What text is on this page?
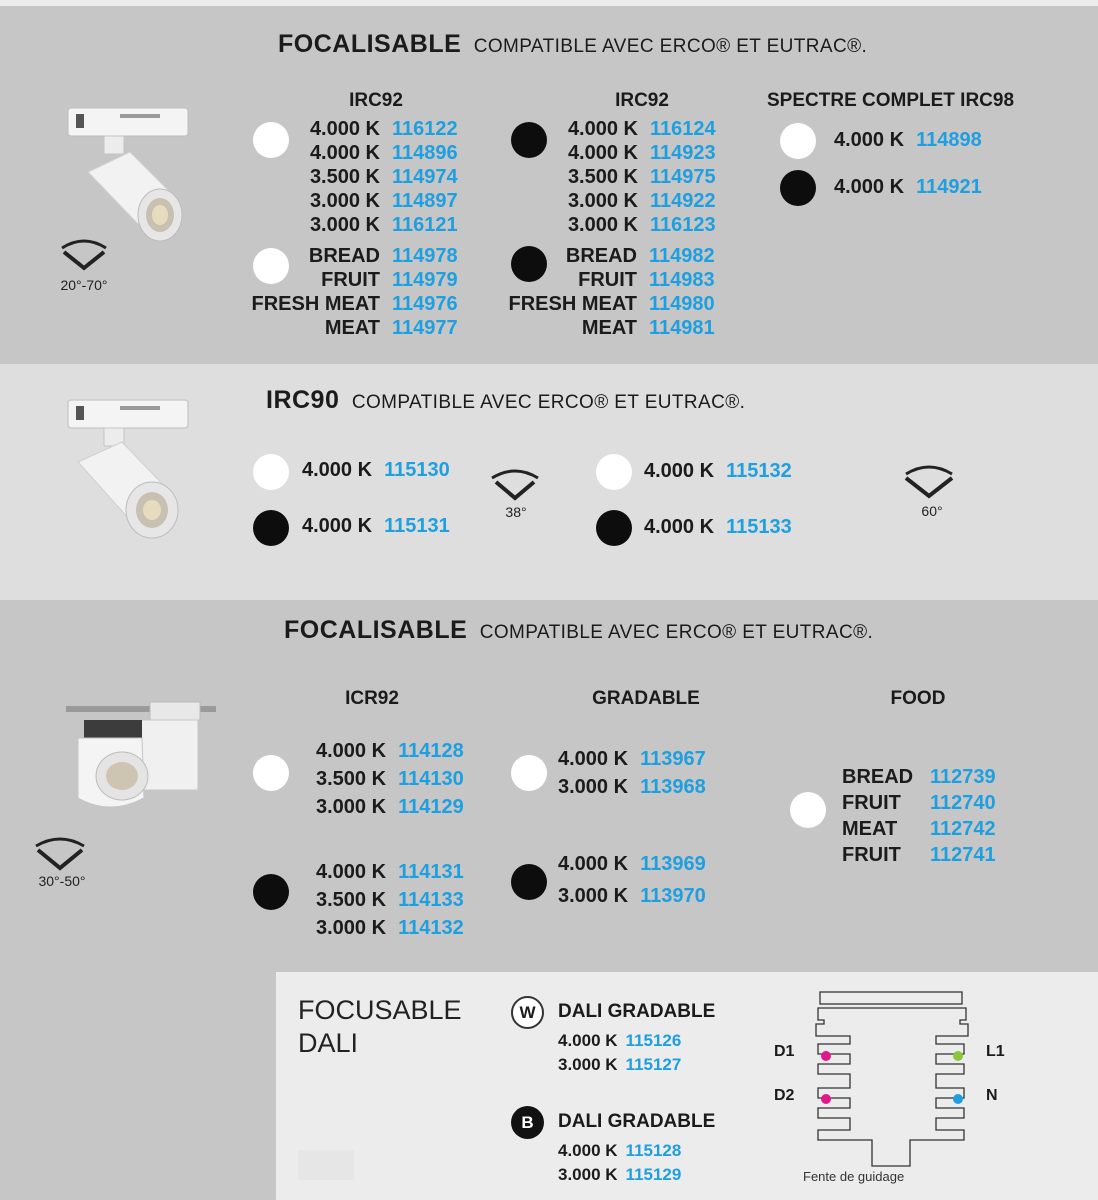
FOCALISABLE COMPATIBLE AVEC ERCO® ET EUTRAC®.
20°-70°
IRC92
4.000 K 116122
4.000 K 114896
3.500 K 114974
3.000 K 114897
3.000 K 116121
BREAD 114978
FRUIT 114979
FRESH MEAT 114976
MEAT 114977
IRC92
4.000 K 116124
4.000 K 114923
3.500 K 114975
3.000 K 114922
3.000 K 116123
BREAD 114982
FRUIT 114983
FRESH MEAT 114980
MEAT 114981
SPECTRE COMPLET IRC98
4.000 K 114898
4.000 K 114921
IRC90 COMPATIBLE AVEC ERCO® ET EUTRAC®.
4.000 K 115130
4.000 K 115131
38°
4.000 K 115132
4.000 K 115133
60°
FOCALISABLE COMPATIBLE AVEC ERCO® ET EUTRAC®.
30°-50°
ICR92
4.000 K 114128
3.500 K 114130
3.000 K 114129
4.000 K 114131
3.500 K 114133
3.000 K 114132
GRADABLE
4.000 K 113967
3.000 K 113968
4.000 K 113969
3.000 K 113970
FOOD
BREAD 112739
FRUIT 112740
MEAT 112742
FRUIT 112741
FOCUSABLE
DALI
W	DALI GRADABLE
4.000 K 115126
3.000 K 115127
B	DALI GRADABLE
4.000 K 115128
3.000 K 115129
D1
D2
L1
N
Fente de guidage
